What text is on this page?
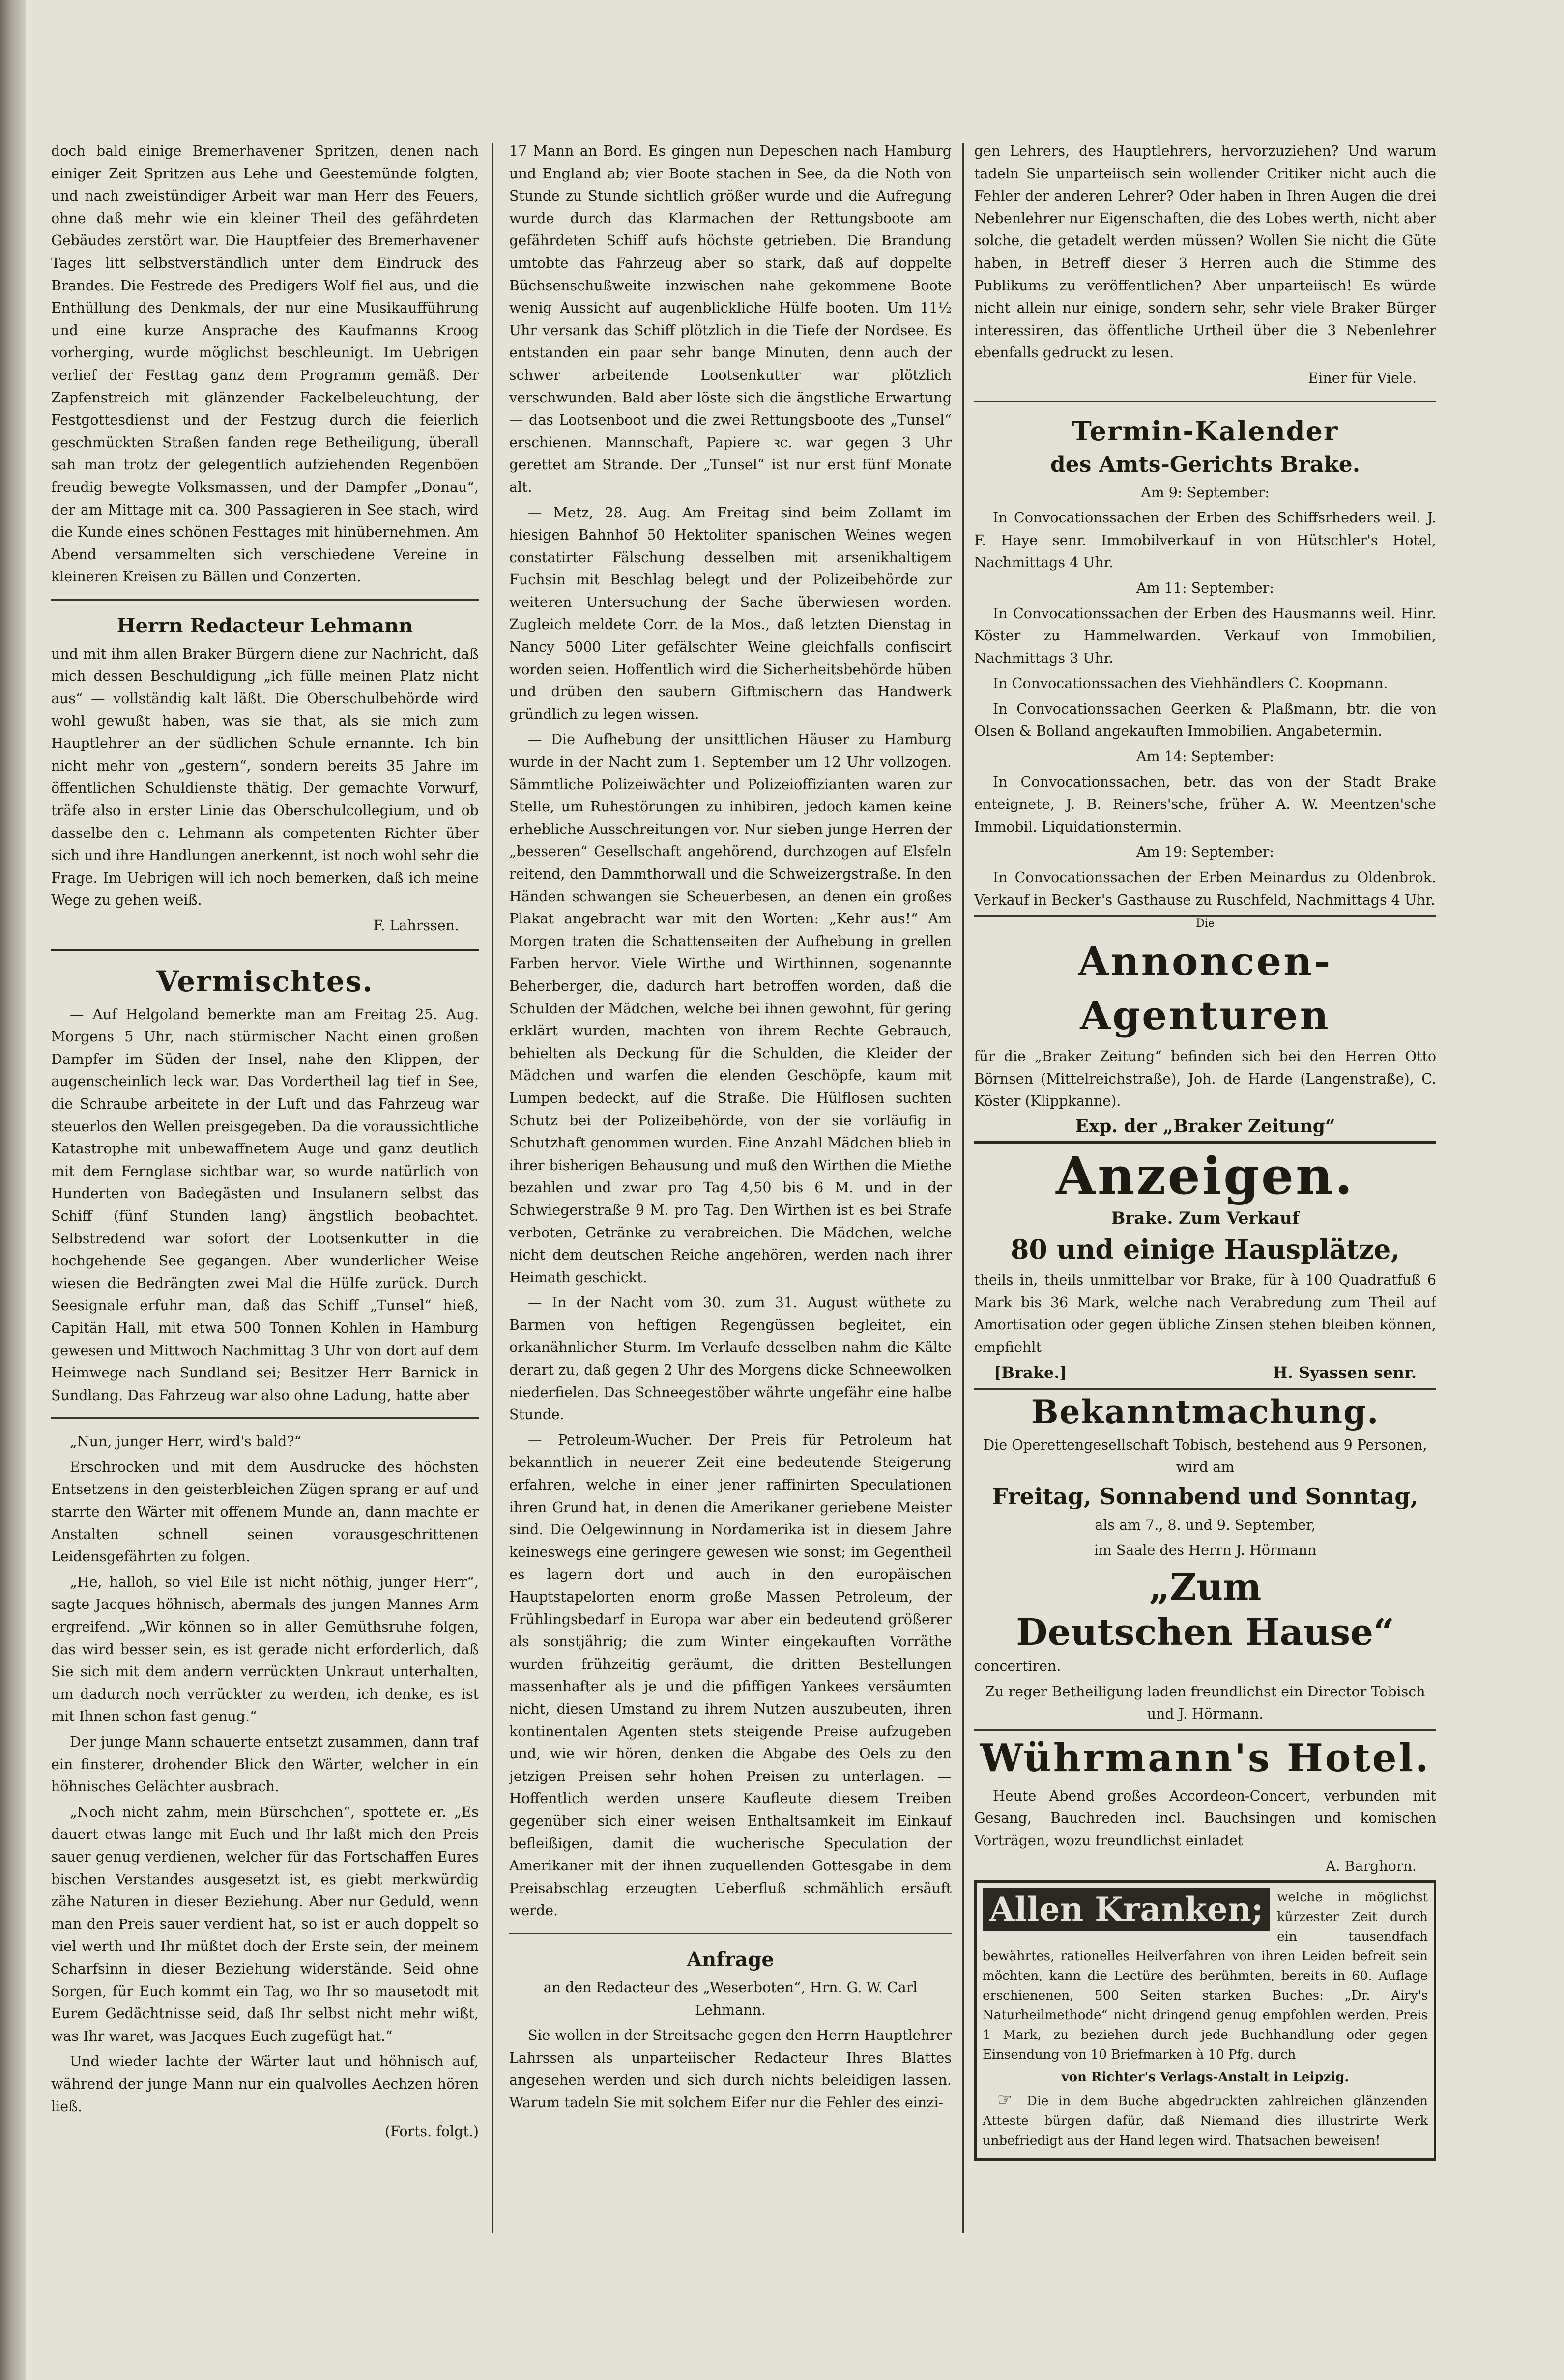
doch bald einige Bremerhavener Spritzen, denen nach einiger Zeit Spritzen aus Lehe und Geestemünde folgten, und nach zweistündiger Arbeit war man Herr des Feuers, ohne daß mehr wie ein kleiner Theil des gefährdeten Gebäudes zerstört war. Die Hauptfeier des Bremerhavener Tages litt selbstverständlich unter dem Eindruck des Brandes. Die Festrede des Predigers Wolf fiel aus, und die Enthüllung des Denkmals, der nur eine Musikaufführung und eine kurze Ansprache des Kaufmanns Kroog vorherging, wurde möglichst beschleunigt. Im Uebrigen verlief der Festtag ganz dem Programm gemäß. Der Zapfenstreich mit glänzender Fackelbeleuchtung, der Festgottesdienst und der Festzug durch die feierlich geschmückten Straßen fanden rege Betheiligung, überall sah man trotz der gelegentlich aufziehenden Regenböen freudig bewegte Volksmassen, und der Dampfer „Donau“, der am Mittage mit ca. 300 Passagieren in See stach, wird die Kunde eines schönen Festtages mit hinübernehmen. Am Abend versammelten sich verschiedene Vereine in kleineren Kreisen zu Bällen und Conzerten.

Herrn Redacteur Lehmann

und mit ihm allen Braker Bürgern diene zur Nachricht, daß mich dessen Beschuldigung „ich fülle meinen Platz nicht aus“ — vollständig kalt läßt. Die Oberschulbehörde wird wohl gewußt haben, was sie that, als sie mich zum Hauptlehrer an der südlichen Schule ernannte. Ich bin nicht mehr von „gestern“, sondern bereits 35 Jahre im öffentlichen Schuldienste thätig. Der gemachte Vorwurf, träfe also in erster Linie das Oberschulcollegium, und ob dasselbe den c. Lehmann als competenten Richter über sich und ihre Handlungen anerkennt, ist noch wohl sehr die Frage. Im Uebrigen will ich noch bemerken, daß ich meine Wege zu gehen weiß.

F. Lahrssen.

Vermischtes.

— Auf Helgoland bemerkte man am Freitag 25. Aug. Morgens 5 Uhr, nach stürmischer Nacht einen großen Dampfer im Süden der Insel, nahe den Klippen, der augenscheinlich leck war. Das Vordertheil lag tief in See, die Schraube arbeitete in der Luft und das Fahrzeug war steuerlos den Wellen preisgegeben. Da die voraussichtliche Katastrophe mit unbewaffnetem Auge und ganz deutlich mit dem Fernglase sichtbar war, so wurde natürlich von Hunderten von Badegästen und Insulanern selbst das Schiff (fünf Stunden lang) ängstlich beobachtet. Selbstredend war sofort der Lootsenkutter in die hochgehende See gegangen. Aber wunderlicher Weise wiesen die Bedrängten zwei Mal die Hülfe zurück. Durch Seesignale erfuhr man, daß das Schiff „Tunsel“ hieß, Capitän Hall, mit etwa 500 Tonnen Kohlen in Hamburg gewesen und Mittwoch Nachmittag 3 Uhr von dort auf dem Heimwege nach Sundland sei; Besitzer Herr Barnick in Sundlang. Das Fahrzeug war also ohne Ladung, hatte aber

„Nun, junger Herr, wird's bald?“

Erschrocken und mit dem Ausdrucke des höchsten Entsetzens in den geisterbleichen Zügen sprang er auf und starrte den Wärter mit offenem Munde an, dann machte er Anstalten schnell seinen vorausgeschrittenen Leidensgefährten zu folgen.

„He, halloh, so viel Eile ist nicht nöthig, junger Herr“, sagte Jacques höhnisch, abermals des jungen Mannes Arm ergreifend. „Wir können so in aller Gemüthsruhe folgen, das wird besser sein, es ist gerade nicht erforderlich, daß Sie sich mit dem andern verrückten Unkraut unterhalten, um dadurch noch verrückter zu werden, ich denke, es ist mit Ihnen schon fast genug.“

Der junge Mann schauerte entsetzt zusammen, dann traf ein finsterer, drohender Blick den Wärter, welcher in ein höhnisches Gelächter ausbrach.

„Noch nicht zahm, mein Bürschchen“, spottete er. „Es dauert etwas lange mit Euch und Ihr laßt mich den Preis sauer genug verdienen, welcher für das Fortschaffen Eures bischen Verstandes ausgesetzt ist, es giebt merkwürdig zähe Naturen in dieser Beziehung. Aber nur Geduld, wenn man den Preis sauer verdient hat, so ist er auch doppelt so viel werth und Ihr müßtet doch der Erste sein, der meinem Scharfsinn in dieser Beziehung widerstände. Seid ohne Sorgen, für Euch kommt ein Tag, wo Ihr so mausetodt mit Eurem Gedächtnisse seid, daß Ihr selbst nicht mehr wißt, was Ihr waret, was Jacques Euch zugefügt hat.“

Und wieder lachte der Wärter laut und höhnisch auf, während der junge Mann nur ein qualvolles Aechzen hören ließ.

(Forts. folgt.)

17 Mann an Bord. Es gingen nun Depeschen nach Hamburg und England ab; vier Boote stachen in See, da die Noth von Stunde zu Stunde sichtlich größer wurde und die Aufregung wurde durch das Klarmachen der Rettungsboote am gefährdeten Schiff aufs höchste getrieben. Die Brandung umtobte das Fahrzeug aber so stark, daß auf doppelte Büchsenschußweite inzwischen nahe gekommene Boote wenig Aussicht auf augenblickliche Hülfe booten. Um 11½ Uhr versank das Schiff plötzlich in die Tiefe der Nordsee. Es entstanden ein paar sehr bange Minuten, denn auch der schwer arbeitende Lootsenkutter war plötzlich verschwunden. Bald aber löste sich die ängstliche Erwartung — das Lootsenboot und die zwei Rettungsboote des „Tunsel“ erschienen. Mannschaft, Papiere ꝛc. war gegen 3 Uhr gerettet am Strande. Der „Tunsel“ ist nur erst fünf Monate alt.

— Metz, 28. Aug. Am Freitag sind beim Zollamt im hiesigen Bahnhof 50 Hektoliter spanischen Weines wegen constatirter Fälschung desselben mit arsenikhaltigem Fuchsin mit Beschlag belegt und der Polizeibehörde zur weiteren Untersuchung der Sache überwiesen worden. Zugleich meldete Corr. de la Mos., daß letzten Dienstag in Nancy 5000 Liter gefälschter Weine gleichfalls confiscirt worden seien. Hoffentlich wird die Sicherheitsbehörde hüben und drüben den saubern Giftmischern das Handwerk gründlich zu legen wissen.

— Die Aufhebung der unsittlichen Häuser zu Hamburg wurde in der Nacht zum 1. September um 12 Uhr vollzogen. Sämmtliche Polizeiwächter und Polizeioffizianten waren zur Stelle, um Ruhestörungen zu inhibiren, jedoch kamen keine erhebliche Ausschreitungen vor. Nur sieben junge Herren der „besseren“ Gesellschaft angehörend, durchzogen auf Elsfeln reitend, den Dammthorwall und die Schweizergstraße. In den Händen schwangen sie Scheuerbesen, an denen ein großes Plakat angebracht war mit den Worten: „Kehr aus!“ Am Morgen traten die Schattenseiten der Aufhebung in grellen Farben hervor. Viele Wirthe und Wirthinnen, sogenannte Beherberger, die, dadurch hart betroffen worden, daß die Schulden der Mädchen, welche bei ihnen gewohnt, für gering erklärt wurden, machten von ihrem Rechte Gebrauch, behielten als Deckung für die Schulden, die Kleider der Mädchen und warfen die elenden Geschöpfe, kaum mit Lumpen bedeckt, auf die Straße. Die Hülflosen suchten Schutz bei der Polizeibehörde, von der sie vorläufig in Schutzhaft genommen wurden. Eine Anzahl Mädchen blieb in ihrer bisherigen Behausung und muß den Wirthen die Miethe bezahlen und zwar pro Tag 4,50 bis 6 M. und in der Schwiegerstraße 9 M. pro Tag. Den Wirthen ist es bei Strafe verboten, Getränke zu verabreichen. Die Mädchen, welche nicht dem deutschen Reiche angehören, werden nach ihrer Heimath geschickt.

— In der Nacht vom 30. zum 31. August wüthete zu Barmen von heftigen Regengüssen begleitet, ein orkanähnlicher Sturm. Im Verlaufe desselben nahm die Kälte derart zu, daß gegen 2 Uhr des Morgens dicke Schneewolken niederfielen. Das Schneegestöber währte ungefähr eine halbe Stunde.

— Petroleum-Wucher. Der Preis für Petroleum hat bekanntlich in neuerer Zeit eine bedeutende Steigerung erfahren, welche in einer jener raffinirten Speculationen ihren Grund hat, in denen die Amerikaner geriebene Meister sind. Die Oelgewinnung in Nordamerika ist in diesem Jahre keineswegs eine geringere gewesen wie sonst; im Gegentheil es lagern dort und auch in den europäischen Hauptstapelorten enorm große Massen Petroleum, der Frühlingsbedarf in Europa war aber ein bedeutend größerer als sonstjährig; die zum Winter eingekauften Vorräthe wurden frühzeitig geräumt, die dritten Bestellungen massenhafter als je und die pfiffigen Yankees versäumten nicht, diesen Umstand zu ihrem Nutzen auszubeuten, ihren kontinentalen Agenten stets steigende Preise aufzugeben und, wie wir hören, denken die Abgabe des Oels zu den jetzigen Preisen sehr hohen Preisen zu unterlagen. — Hoffentlich werden unsere Kaufleute diesem Treiben gegenüber sich einer weisen Enthaltsamkeit im Einkauf befleißigen, damit die wucherische Speculation der Amerikaner mit der ihnen zuquellenden Gottesgabe in dem Preisabschlag erzeugten Ueberfluß schmählich ersäuft werde.

Anfrage

an den Redacteur des „Weserboten“, Hrn. G. W. Carl Lehmann.

Sie wollen in der Streitsache gegen den Herrn Hauptlehrer Lahrssen als unparteiischer Redacteur Ihres Blattes angesehen werden und sich durch nichts beleidigen lassen. Warum tadeln Sie mit solchem Eifer nur die Fehler des einzi-

gen Lehrers, des Hauptlehrers, hervorzuziehen? Und warum tadeln Sie unparteiisch sein wollender Critiker nicht auch die Fehler der anderen Lehrer? Oder haben in Ihren Augen die drei Nebenlehrer nur Eigenschaften, die des Lobes werth, nicht aber solche, die getadelt werden müssen? Wollen Sie nicht die Güte haben, in Betreff dieser 3 Herren auch die Stimme des Publikums zu veröffentlichen? Aber unparteiisch! Es würde nicht allein nur einige, sondern sehr, sehr viele Braker Bürger interessiren, das öffentliche Urtheil über die 3 Nebenlehrer ebenfalls gedruckt zu lesen.

Einer für Viele.

Termin-Kalender
des Amts-Gerichts Brake.

Am 9: September:

In Convocationssachen der Erben des Schiffsrheders weil. J. F. Haye senr. Immobilverkauf in von Hütschler's Hotel, Nachmittags 4 Uhr.

Am 11: September:

In Convocationssachen der Erben des Hausmanns weil. Hinr. Köster zu Hammelwarden. Verkauf von Immobilien, Nachmittags 3 Uhr.

In Convocationssachen des Viehhändlers C. Koopmann.

In Convocationssachen Geerken & Plaßmann, btr. die von Olsen & Bolland angekauften Immobilien. Angabetermin.

Am 14: September:

In Convocationssachen, betr. das von der Stadt Brake enteignete, J. B. Reiners'sche, früher A. W. Meentzen'sche Immobil. Liquidationstermin.

Am 19: September:

In Convocationssachen der Erben Meinardus zu Oldenbrok. Verkauf in Becker's Gasthause zu Ruschfeld, Nachmittags 4 Uhr.

Die

Annoncen-Agenturen

für die „Braker Zeitung“ befinden sich bei den Herren Otto Börnsen (Mittelreichstraße), Joh. de Harde (Langenstraße), C. Köster (Klippkanne).

Exp. der „Braker Zeitung“

Anzeigen.

Brake. Zum Verkauf

80 und einige Hausplätze,

theils in, theils unmittelbar vor Brake, für à 100 Quadratfuß 6 Mark bis 36 Mark, welche nach Verabredung zum Theil auf Amortisation oder gegen übliche Zinsen stehen bleiben können, empfiehlt

[Brake.]	H. Syassen senr.
Bekanntmachung.

Die Operettengesellschaft Tobisch, bestehend aus 9 Personen, wird am

Freitag, Sonnabend und Sonntag,

als am 7., 8. und 9. September,

im Saale des Herrn J. Hörmann

„Zum
Deutschen Hause“

concertiren.

Zu reger Betheiligung laden freundlichst ein Director Tobisch und J. Hörmann.

Wührmann's Hotel.

Heute Abend großes Accordeon-Concert, verbunden mit Gesang, Bauchreden incl. Bauchsingen und komischen Vorträgen, wozu freundlichst einladet

A. Barghorn.

Allen Kranken;	welche in möglichst kürzester Zeit durch ein tausendfach bewährtes, rationelles Heilverfahren von ihren Leiden befreit sein möchten, kann die Lectüre des berühmten, bereits in 60. Auflage erschienenen, 500 Seiten starken Buches: „Dr. Airy's Naturheilmethode“ nicht dringend genug empfohlen werden. Preis 1 Mark, zu beziehen durch jede Buchhandlung oder gegen Einsendung von 10 Briefmarken à 10 Pfg. durch

von Richter's Verlags-Anstalt in Leipzig.

☞ Die in dem Buche abgedruckten zahlreichen glänzenden Atteste bürgen dafür, daß Niemand dies illustrirte Werk unbefriedigt aus der Hand legen wird. Thatsachen beweisen!
